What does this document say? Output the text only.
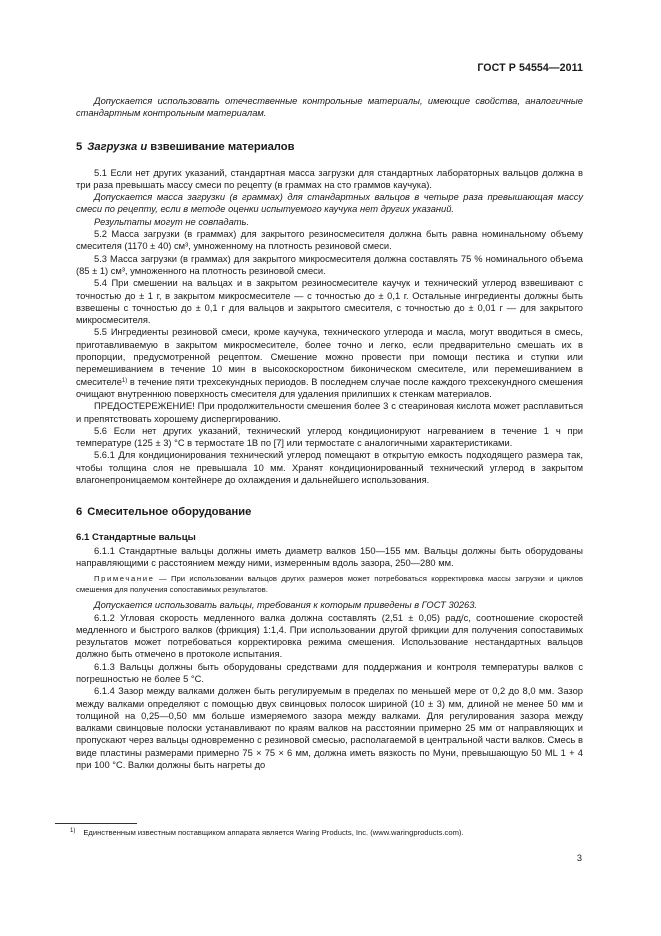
ГОСТ Р 54554—2011

Допускается использовать отечественные контрольные материалы, имеющие свойства, аналогичные стандартным контрольным материалам.

5 Загрузка и взвешивание материалов

5.1 Если нет других указаний, стандартная масса загрузки для стандартных лабораторных вальцов должна в три раза превышать массу смеси по рецепту (в граммах на сто граммов каучука).

Допускается масса загрузки (в граммах) для стандартных вальцов в четыре раза превышающая массу смеси по рецепту, если в методе оценки испытуемого каучука нет других указаний.

Результаты могут не совпадать.

5.2 Масса загрузки (в граммах) для закрытого резиносмесителя должна быть равна номинальному объему смесителя (1170 ± 40) см³, умноженному на плотность резиновой смеси.

5.3 Масса загрузки (в граммах) для закрытого микросмесителя должна составлять 75 % номинального объема (85 ± 1) см³, умноженного на плотность резиновой смеси.

5.4 При смешении на вальцах и в закрытом резиносмесителе каучук и технический углерод взвешивают с точностью до ± 1 г, в закрытом микросмесителе — с точностью до ± 0,1 г. Остальные ингредиенты должны быть взвешены с точностью до ± 0,1 г для вальцов и закрытого смесителя, с точностью до ± 0,01 г — для закрытого микросмесителя.

5.5 Ингредиенты резиновой смеси, кроме каучука, технического углерода и масла, могут вводиться в смесь, приготавливаемую в закрытом микросмесителе, более точно и легко, если предварительно смешать их в пропорции, предусмотренной рецептом. Смешение можно провести при помощи пестика и ступки или перемешиванием в течение 10 мин в высокоскоростном биконическом смесителе, или перемешиванием в смесителе$^{1)}$ в течение пяти трехсекундных периодов. В последнем случае после каждого трехсекундного смешения очищают внутреннюю поверхность смесителя для удаления прилипших к стенкам материалов.

ПРЕДОСТЕРЕЖЕНИЕ! При продолжительности смешения более 3 с стеариновая кислота может расплавиться и препятствовать хорошему диспергированию.

5.6 Если нет других указаний, технический углерод кондиционируют нагреванием в течение 1 ч при температуре (125 ± 3) °C в термостате 1В по [7] или термостате с аналогичными характеристиками.

5.6.1 Для кондиционирования технический углерод помещают в открытую емкость подходящего размера так, чтобы толщина слоя не превышала 10 мм. Хранят кондиционированный технический углерод в закрытом влагонепроницаемом контейнере до охлаждения и дальнейшего использования.

6 Смесительное оборудование

6.1 Стандартные вальцы

6.1.1 Стандартные вальцы должны иметь диаметр валков 150—155 мм. Вальцы должны быть оборудованы направляющими с расстоянием между ними, измеренным вдоль зазора, 250—280 мм.

Примечание — При использовании вальцов других размеров может потребоваться корректировка массы загрузки и циклов смешения для получения сопоставимых результатов.

Допускается использовать вальцы, требования к которым приведены в ГОСТ 30263.

6.1.2 Угловая скорость медленного валка должна составлять (2,51 ± 0,05) рад/с, соотношение скоростей медленного и быстрого валков (фрикция) 1:1,4. При использовании другой фрикции для получения сопоставимых результатов может потребоваться корректировка режима смешения. Использование нестандартных вальцов должно быть отмечено в протоколе испытания.

6.1.3 Вальцы должны быть оборудованы средствами для поддержания и контроля температуры валков с погрешностью не более 5 °C.

6.1.4 Зазор между валками должен быть регулируемым в пределах по меньшей мере от 0,2 до 8,0 мм. Зазор между валками определяют с помощью двух свинцовых полосок шириной (10 ± 3) мм, длиной не менее 50 мм и толщиной на 0,25—0,50 мм больше измеряемого зазора между валками. Для регулирования зазора между валками свинцовые полоски устанавливают по краям валков на расстоянии примерно 25 мм от направляющих и пропускают через вальцы одновременно с резиновой смесью, располагаемой в центральной части валков. Смесь в виде пластины размерами примерно 75 × 75 × 6 мм, должна иметь вязкость по Муни, превышающую 50 ML 1 + 4 при 100 °C. Валки должны быть нагреты до

$^{1)}$ Единственным известным поставщиком аппарата является Waring Products, Inc. (www.waringproducts.com).
3
